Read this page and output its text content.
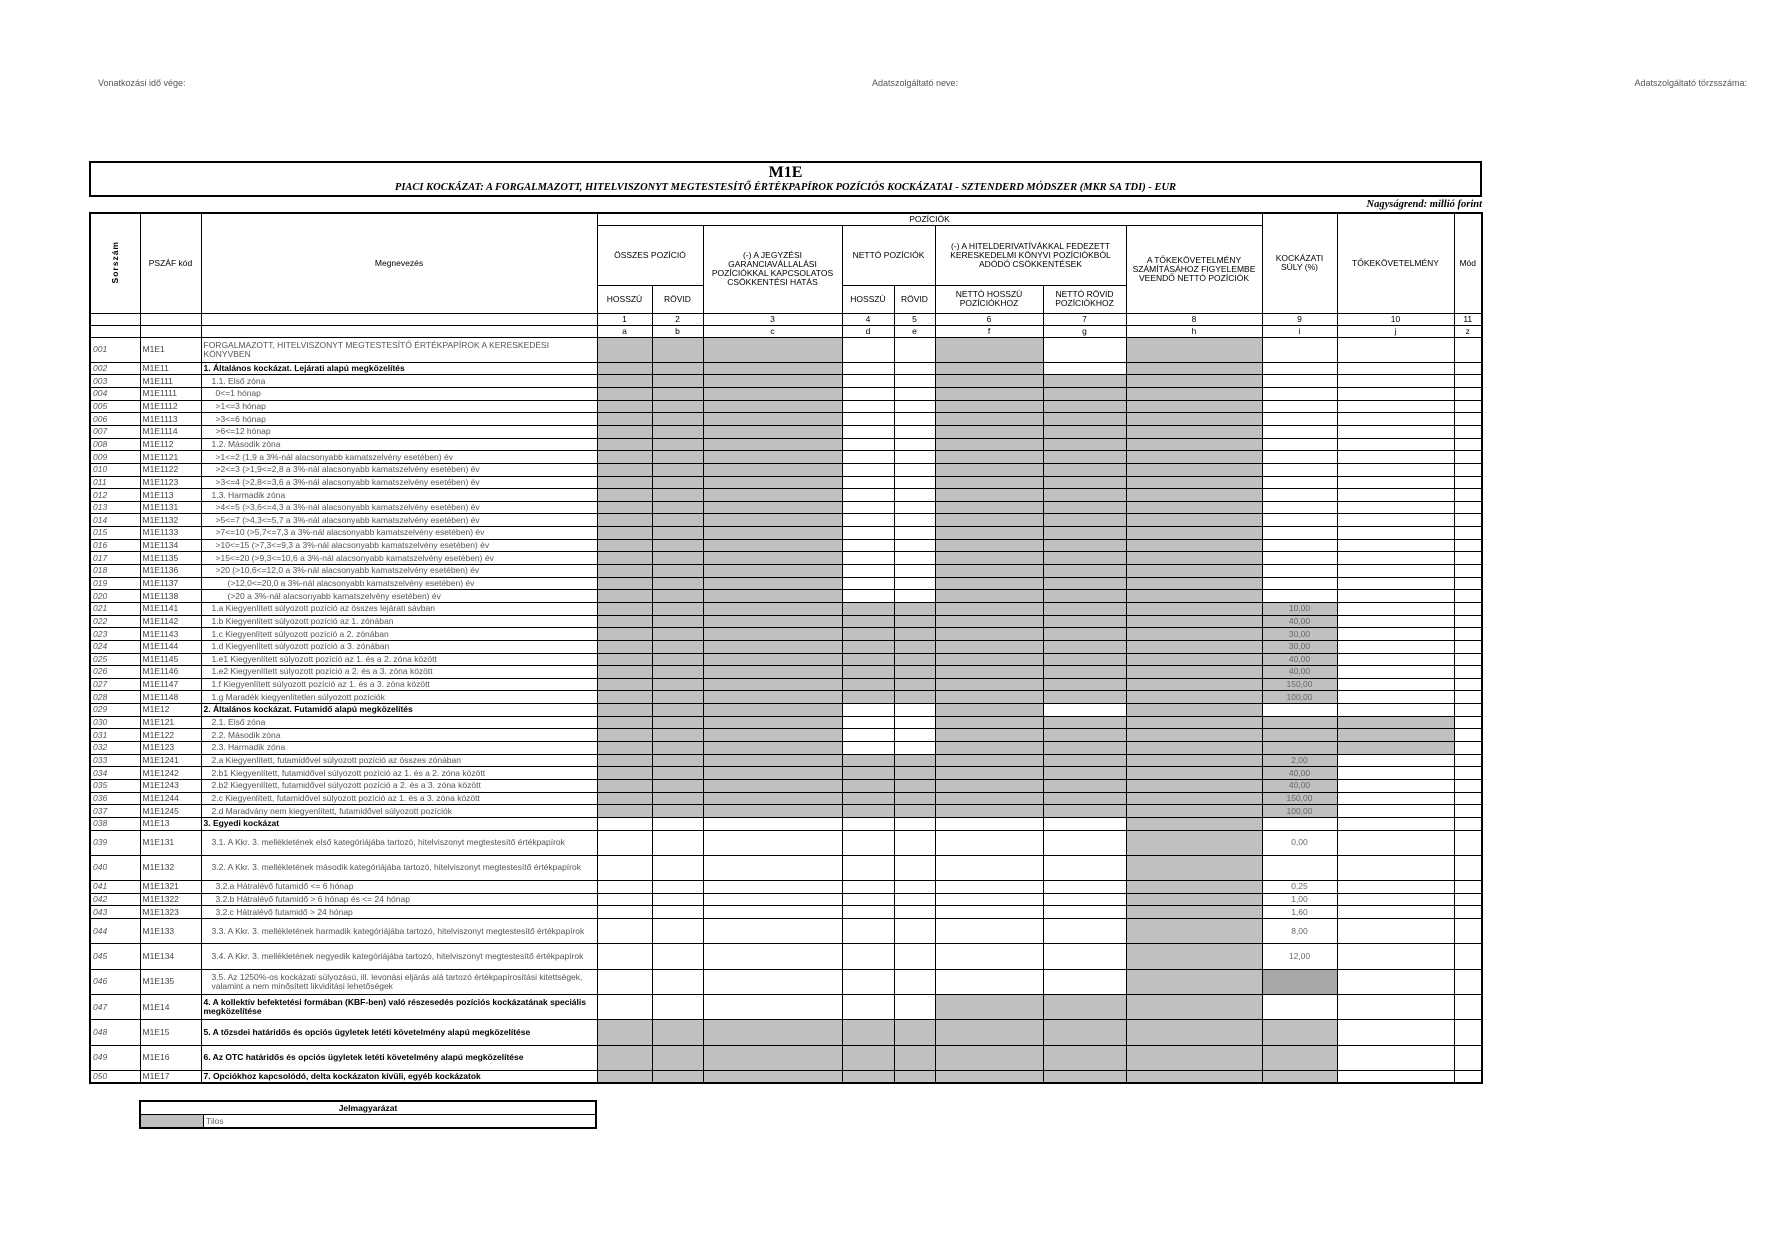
Vonatkozási idő vége:	Adatszolgáltató neve:	Adatszolgáltató törzsszáma:
M1E
PIACI KOCKÁZAT: A FORGALMAZOTT, HITELVISZONYT MEGTESTESÍTŐ ÉRTÉKPAPÍROK POZÍCIÓS KOCKÁZATAI - SZTENDERD MÓDSZER (MKR SA TDI) - EUR
Nagyságrend: millió forint
Sorszám	PSZÁF kód	Megnevezés	POZÍCIÓK								KOCKÁZATI SÚLY (%)	TŐKEKÖVETELMÉNY	Mód
			ÖSSZES POZÍCIÓ		(-) A JEGYZÉSI GARANCIAVÁLLALÁSI POZÍCIÓKKAL KAPCSOLATOS CSÖKKENTÉSI HATÁS	NETTÓ POZÍCIÓK		(-) A HITELDERIVATÍVÁKKAL FEDEZETT KERESKEDELMI KÖNYVI POZÍCIÓKBÓL ADÓDÓ CSÖKKENTÉSEK		A TŐKEKÖVETELMÉNY SZÁMÍTÁSÁHOZ FIGYELEMBE VEENDŐ NETTÓ POZÍCIÓK			
			HOSSZÚ	RÖVID		HOSSZÚ	RÖVID	NETTÓ HOSSZÚ POZÍCIÓKHOZ	NETTÓ RÖVID POZÍCIÓKHOZ				
			1	2	3	4	5	6	7	8	9	10	11
			a	b	c	d	e	f	g	h	i	j	z
001	M1E1	FORGALMAZOTT, HITELVISZONYT MEGTESTESÍTŐ ÉRTÉKPAPÍROK A KERESKEDÉSI KÖNYVBEN											
002	M1E11	1. Általános kockázat. Lejárati alapú megközelítés											
003	M1E111	1.1. Első zóna											
004	M1E1111	0<=1 hónap											
005	M1E1112	>1<=3 hónap											
006	M1E1113	>3<=6 hónap											
007	M1E1114	>6<=12 hónap											
008	M1E112	1.2. Második zóna											
009	M1E1121	>1<=2 (1,9 a 3%-nál alacsonyabb kamatszelvény esetében) év											
010	M1E1122	>2<=3 (>1,9<=2,8 a 3%-nál alacsonyabb kamatszelvény esetében) év											
011	M1E1123	>3<=4 (>2,8<=3,6 a 3%-nál alacsonyabb kamatszelvény esetében) év											
012	M1E113	1.3. Harmadik zóna											
013	M1E1131	>4<=5 (>3,6<=4,3 a 3%-nál alacsonyabb kamatszelvény esetében) év											
014	M1E1132	>5<=7 (>4,3<=5,7 a 3%-nál alacsonyabb kamatszelvény esetében) év											
015	M1E1133	>7<=10 (>5,7<=7,3 a 3%-nál alacsonyabb kamatszelvény esetében) év											
016	M1E1134	>10<=15 (>7,3<=9,3 a 3%-nál alacsonyabb kamatszelvény esetében) év											
017	M1E1135	>15<=20 (>9,3<=10,6 a 3%-nál alacsonyabb kamatszelvény esetében) év											
018	M1E1136	>20 (>10,6<=12,0 a 3%-nál alacsonyabb kamatszelvény esetében) év											
019	M1E1137	(>12,0<=20,0 a 3%-nál alacsonyabb kamatszelvény esetében) év											
020	M1E1138	(>20 a 3%-nál alacsonyabb kamatszelvény esetében) év											
021	M1E1141	1.a Kiegyenlített súlyozott pozíció az összes lejárati sávban									10,00		
022	M1E1142	1.b Kiegyenlített súlyozott pozíció az 1. zónában									40,00		
023	M1E1143	1.c Kiegyenlített súlyozott pozíció a 2. zónában									30,00		
024	M1E1144	1.d Kiegyenlített súlyozott pozíció a 3. zónában									30,00		
025	M1E1145	1.e1 Kiegyenlített súlyozott pozíció az 1. és a 2. zóna között									40,00		
026	M1E1146	1.e2 Kiegyenlített súlyozott pozíció a 2. és a 3. zóna között									40,00		
027	M1E1147	1.f Kiegyenlített súlyozott pozíció az 1. és a 3. zóna között									150,00		
028	M1E1148	1.g Maradék kiegyenlítetlen súlyozott pozíciók									100,00		
029	M1E12	2. Általános kockázat. Futamidő alapú megközelítés											
030	M1E121	2.1. Első zóna											
031	M1E122	2.2. Második zóna											
032	M1E123	2.3. Harmadik zóna											
033	M1E1241	2.a Kiegyenlített, futamidővel súlyozott pozíció az összes zónában									2,00		
034	M1E1242	2.b1 Kiegyenlített, futamidővel súlyozott pozíció az 1. és a 2. zóna között									40,00		
035	M1E1243	2.b2 Kiegyenlített, futamidővel súlyozott pozíció a 2. és a 3. zóna között									40,00		
036	M1E1244	2.c Kiegyenlített, futamidővel súlyozott pozíció az 1. és a 3. zóna között									150,00		
037	M1E1245	2.d Maradvány nem kiegyenlített, futamidővel súlyozott pozíciók									100,00		
038	M1E13	3. Egyedi kockázat											
039	M1E131	3.1. A Kkr. 3. mellékletének első kategóriájába tartozó, hitelviszonyt megtestesítő értékpapírok									0,00		
040	M1E132	3.2. A Kkr. 3. mellékletének második kategóriájába tartozó, hitelviszonyt megtestesítő értékpapírok											
041	M1E1321	3.2.a Hátralévő futamidő <= 6 hónap									0,25		
042	M1E1322	3.2.b Hátralévő futamidő > 6 hónap és <= 24 hónap									1,00		
043	M1E1323	3.2.c Hátralévő futamidő > 24 hónap									1,60		
044	M1E133	3.3. A Kkr. 3. mellékletének harmadik kategóriájába tartozó, hitelviszonyt megtestesítő értékpapírok									8,00		
045	M1E134	3.4. A Kkr. 3. mellékletének negyedik kategóriájába tartozó, hitelviszonyt megtestesítő értékpapírok									12,00		
046	M1E135	3.5. Az 1250%-os kockázati súlyozású, ill. levonási eljárás alá tartozó értékpapírosítási kitettségek, valamint a nem minősített likviditási lehetőségek											
047	M1E14	4. A kollektív befektetési formában (KBF-ben) való részesedés pozíciós kockázatának speciális megközelítése											
048	M1E15	5. A tőzsdei határidős és opciós ügyletek letéti követelmény alapú megközelítése											
049	M1E16	6. Az OTC határidős és opciós ügyletek letéti követelmény alapú megközelítése											
050	M1E17	7. Opciókhoz kapcsolódó, delta kockázaton kívüli, egyéb kockázatok											
Jelmagyarázat
	Tilos
